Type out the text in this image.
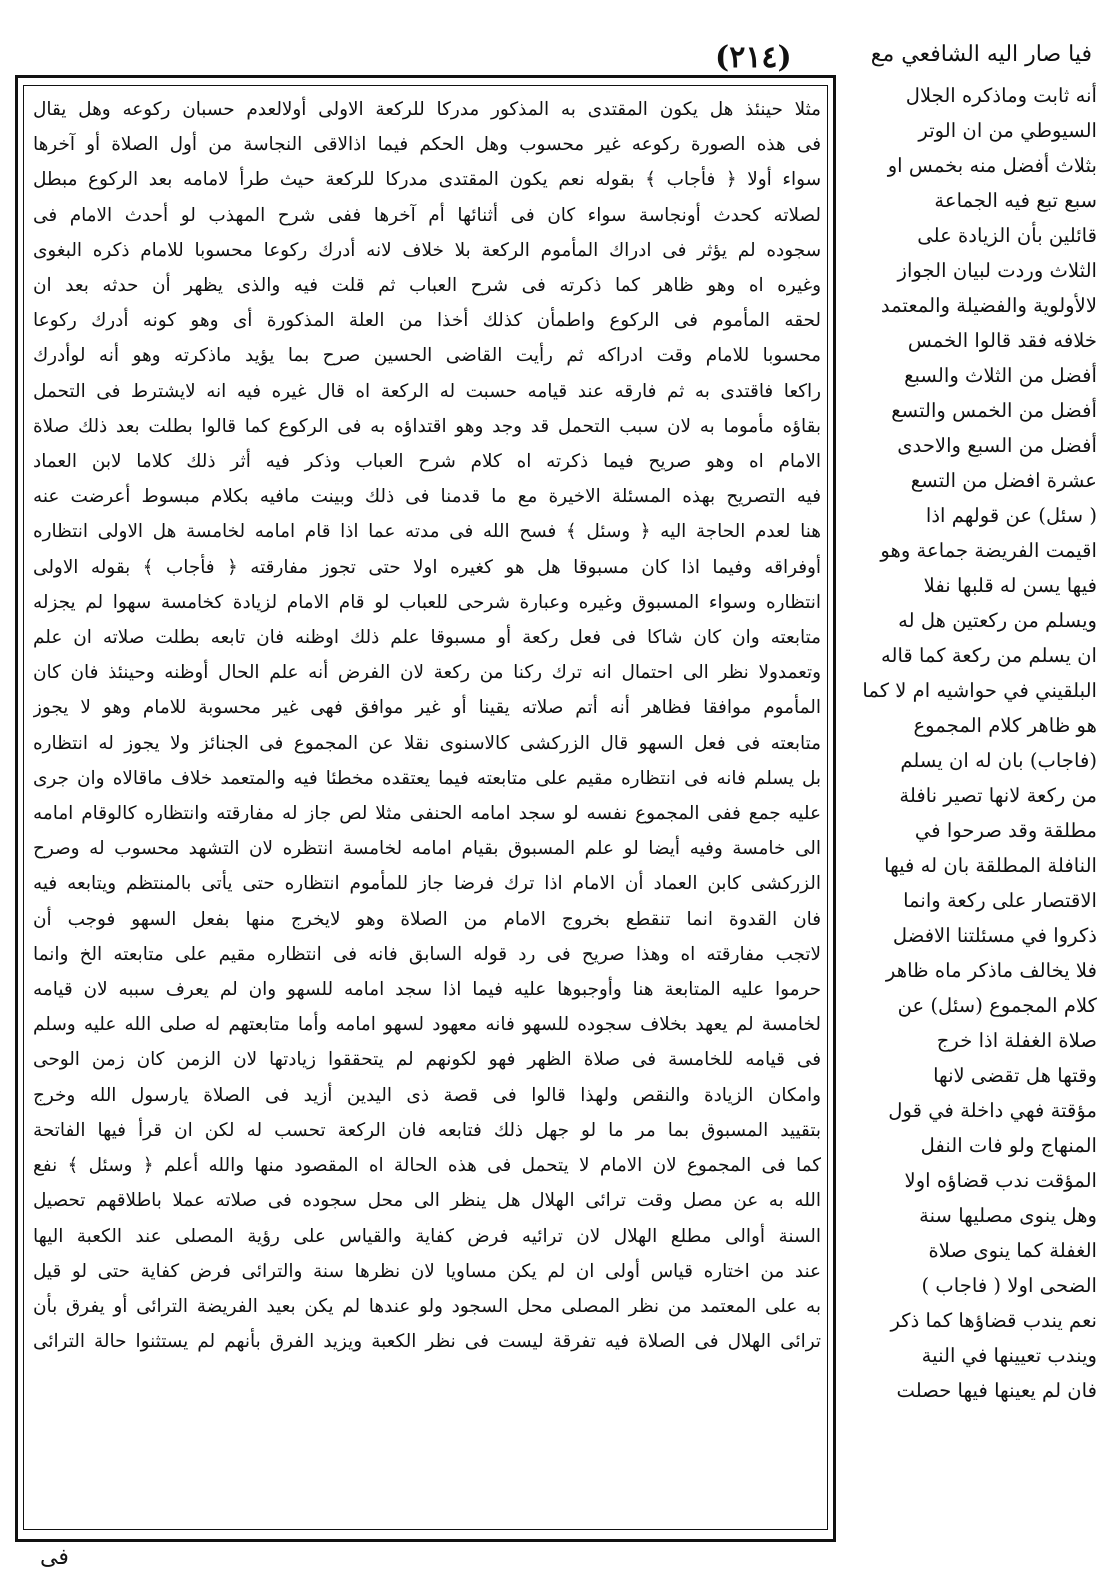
(٢١٤)	فيا صار اليه الشافعي مع
أنه ثابت وماذكره الجلال
السيوطي من ان الوتر
بثلاث أفضل منه بخمس او
سبع تبع فيه الجماعة
قائلين بأن الزيادة على
الثلاث وردت لبيان الجواز
لالأولوية والفضيلة والمعتمد
خلافه فقد قالوا الخمس
أفضل من الثلاث والسبع
أفضل من الخمس والتسع
أفضل من السبع والاحدى
عشرة افضل من التسع
( سئل) عن قولهم اذا
اقيمت الفريضة جماعة وهو
فيها يسن له قلبها نفلا
ويسلم من ركعتين هل له
ان يسلم من ركعة كما قاله
البلقيني في حواشيه ام لا كما
هو ظاهر كلام المجموع
(فاجاب) بان له ان يسلم
من ركعة لانها تصير نافلة
مطلقة وقد صرحوا في
النافلة المطلقة بان له فيها
الاقتصار على ركعة وانما
ذكروا في مسئلتنا الافضل
فلا يخالف ماذكر ماه ظاهر
كلام المجموع (سئل) عن
صلاة الغفلة اذا خرج
وقتها هل تقضى لانها
مؤقتة فهي داخلة في قول
المنهاج ولو فات النفل
المؤقت ندب قضاؤه اولا
وهل ينوى مصليها سنة
الغفلة كما ينوى صلاة
الضحى اولا ( فاجاب )
نعم يندب قضاؤها كما ذكر
ويندب تعيينها في النية
فان لم يعينها فيها حصلت
مثلا حينئذ هل يكون المقتدى به المذكور مدركا للركعة الاولى أولالعدم حسبان ركوعه وهل يقال
فى هذه الصورة ركوعه غير محسوب وهل الحكم فيما اذالاقى النجاسة من أول الصلاة أو آخرها
سواء أولا ﴿ فأجاب ﴾ بقوله نعم يكون المقتدى مدركا للركعة حيث طرأ لامامه بعد الركوع مبطل
لصلاته كحدث أونجاسة سواء كان فى أثنائها أم آخرها ففى شرح المهذب لو أحدث الامام فى
سجوده لم يؤثر فى ادراك المأموم الركعة بلا خلاف لانه أدرك ركوعا محسوبا للامام ذكره البغوى
وغيره اه وهو ظاهر كما ذكرته فى شرح العباب ثم قلت فيه والذى يظهر أن حدثه بعد ان
لحقه المأموم فى الركوع واطمأن كذلك أخذا من العلة المذكورة أى وهو كونه أدرك ركوعا
محسوبا للامام وقت ادراكه ثم رأيت القاضى الحسين صرح بما يؤيد ماذكرته وهو أنه لوأدرك
راكعا فاقتدى به ثم فارقه عند قيامه حسبت له الركعة اه قال غيره فيه انه لايشترط فى التحمل
بقاؤه مأموما به لان سبب التحمل قد وجد وهو اقتداؤه به فى الركوع كما قالوا بطلت بعد ذلك صلاة
الامام اه وهو صريح فيما ذكرته اه كلام شرح العباب وذكر فيه أثر ذلك كلاما لابن العماد
فيه التصريح بهذه المسئلة الاخيرة مع ما قدمنا فى ذلك وبينت مافيه بكلام مبسوط أعرضت عنه
هنا لعدم الحاجة اليه ﴿ وسئل ﴾ فسح الله فى مدته عما اذا قام امامه لخامسة هل الاولى انتظاره
أوفراقه وفيما اذا كان مسبوقا هل هو كغيره اولا حتى تجوز مفارقته ﴿ فأجاب ﴾ بقوله الاولى
انتظاره وسواء المسبوق وغيره وعبارة شرحى للعباب لو قام الامام لزيادة كخامسة سهوا لم يجزله
متابعته وان كان شاكا فى فعل ركعة أو مسبوقا علم ذلك اوظنه فان تابعه بطلت صلاته ان علم
وتعمدولا نظر الى احتمال انه ترك ركنا من ركعة لان الفرض أنه علم الحال أوظنه وحينئذ فان كان
المأموم موافقا فظاهر أنه أتم صلاته يقينا أو غير موافق فهى غير محسوبة للامام وهو لا يجوز
متابعته فى فعل السهو قال الزركشى كالاسنوى نقلا عن المجموع فى الجنائز ولا يجوز له انتظاره
بل يسلم فانه فى انتظاره مقيم على متابعته فيما يعتقده مخطئا فيه والمتعمد خلاف ماقالاه وان جرى
عليه جمع ففى المجموع نفسه لو سجد امامه الحنفى مثلا لص جاز له مفارقته وانتظاره كالوقام امامه
الى خامسة وفيه أيضا لو علم المسبوق بقيام امامه لخامسة انتظره لان التشهد محسوب له وصرح
الزركشى كابن العماد أن الامام اذا ترك فرضا جاز للمأموم انتظاره حتى يأتى بالمنتظم ويتابعه فيه
فان القدوة انما تنقطع بخروج الامام من الصلاة وهو لايخرج منها بفعل السهو فوجب أن
لاتجب مفارقته اه وهذا صريح فى رد قوله السابق فانه فى انتظاره مقيم على متابعته الخ وانما
حرموا عليه المتابعة هنا وأوجبوها عليه فيما اذا سجد امامه للسهو وان لم يعرف سببه لان قيامه
لخامسة لم يعهد بخلاف سجوده للسهو فانه معهود لسهو امامه وأما متابعتهم له صلى الله عليه وسلم
فى قيامه للخامسة فى صلاة الظهر فهو لكونهم لم يتحققوا زيادتها لان الزمن كان زمن الوحى
وامكان الزيادة والنقص ولهذا قالوا فى قصة ذى اليدين أزيد فى الصلاة يارسول الله وخرج
بتقييد المسبوق بما مر ما لو جهل ذلك فتابعه فان الركعة تحسب له لكن ان قرأ فيها الفاتحة
كما فى المجموع لان الامام لا يتحمل فى هذه الحالة اه المقصود منها والله أعلم ﴿ وسئل ﴾ نفع
الله به عن مصل وقت ترائى الهلال هل ينظر الى محل سجوده فى صلاته عملا باطلاقهم تحصيل
السنة أوالى مطلع الهلال لان ترائيه فرض كفاية والقياس على رؤية المصلى عند الكعبة اليها
عند من اختاره قياس أولى ان لم يكن مساويا لان نظرها سنة والترائى فرض كفاية حتى لو قيل
به على المعتمد من نظر المصلى محل السجود ولو عندها لم يكن بعيد الفريضة الترائى أو يفرق بأن
ترائى الهلال فى الصلاة فيه تفرقة ليست فى نظر الكعبة ويزيد الفرق بأنهم لم يستثنوا حالة الترائى
فى
